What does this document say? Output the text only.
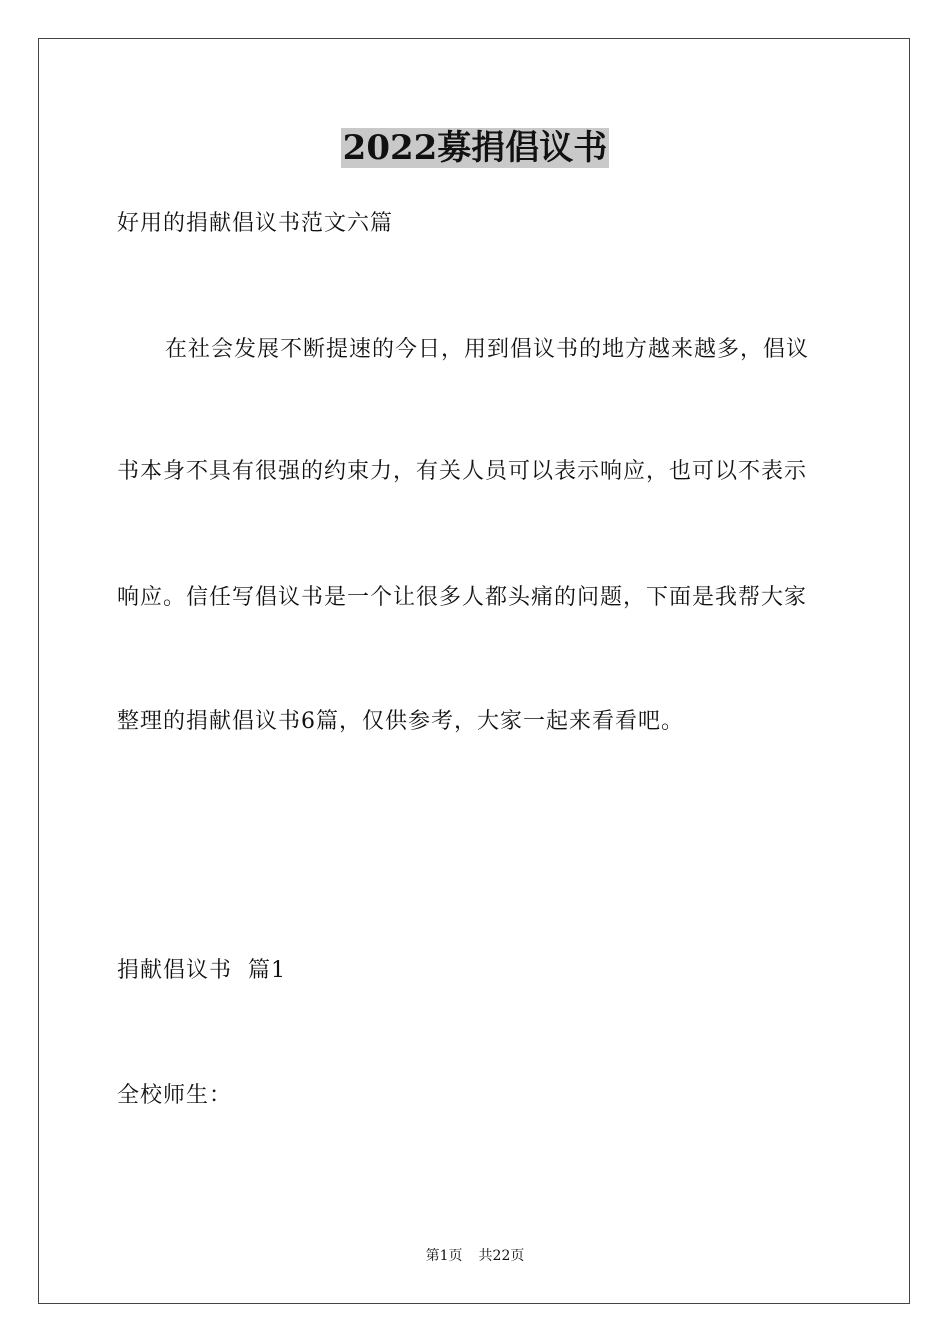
2022募捐倡议书
好用的捐献倡议书范文六篇
在社会发展不断提速的今日，用到倡议书的地方越来越多，倡议
书本身不具有很强的约束力，有关人员可以表示响应，也可以不表示
响应。信任写倡议书是一个让很多人都头痛的问题，下面是我帮大家
整理的捐献倡议书6篇，仅供参考，大家一起来看看吧。
捐献倡议书  篇1
全校师生：
第1页 共22页
